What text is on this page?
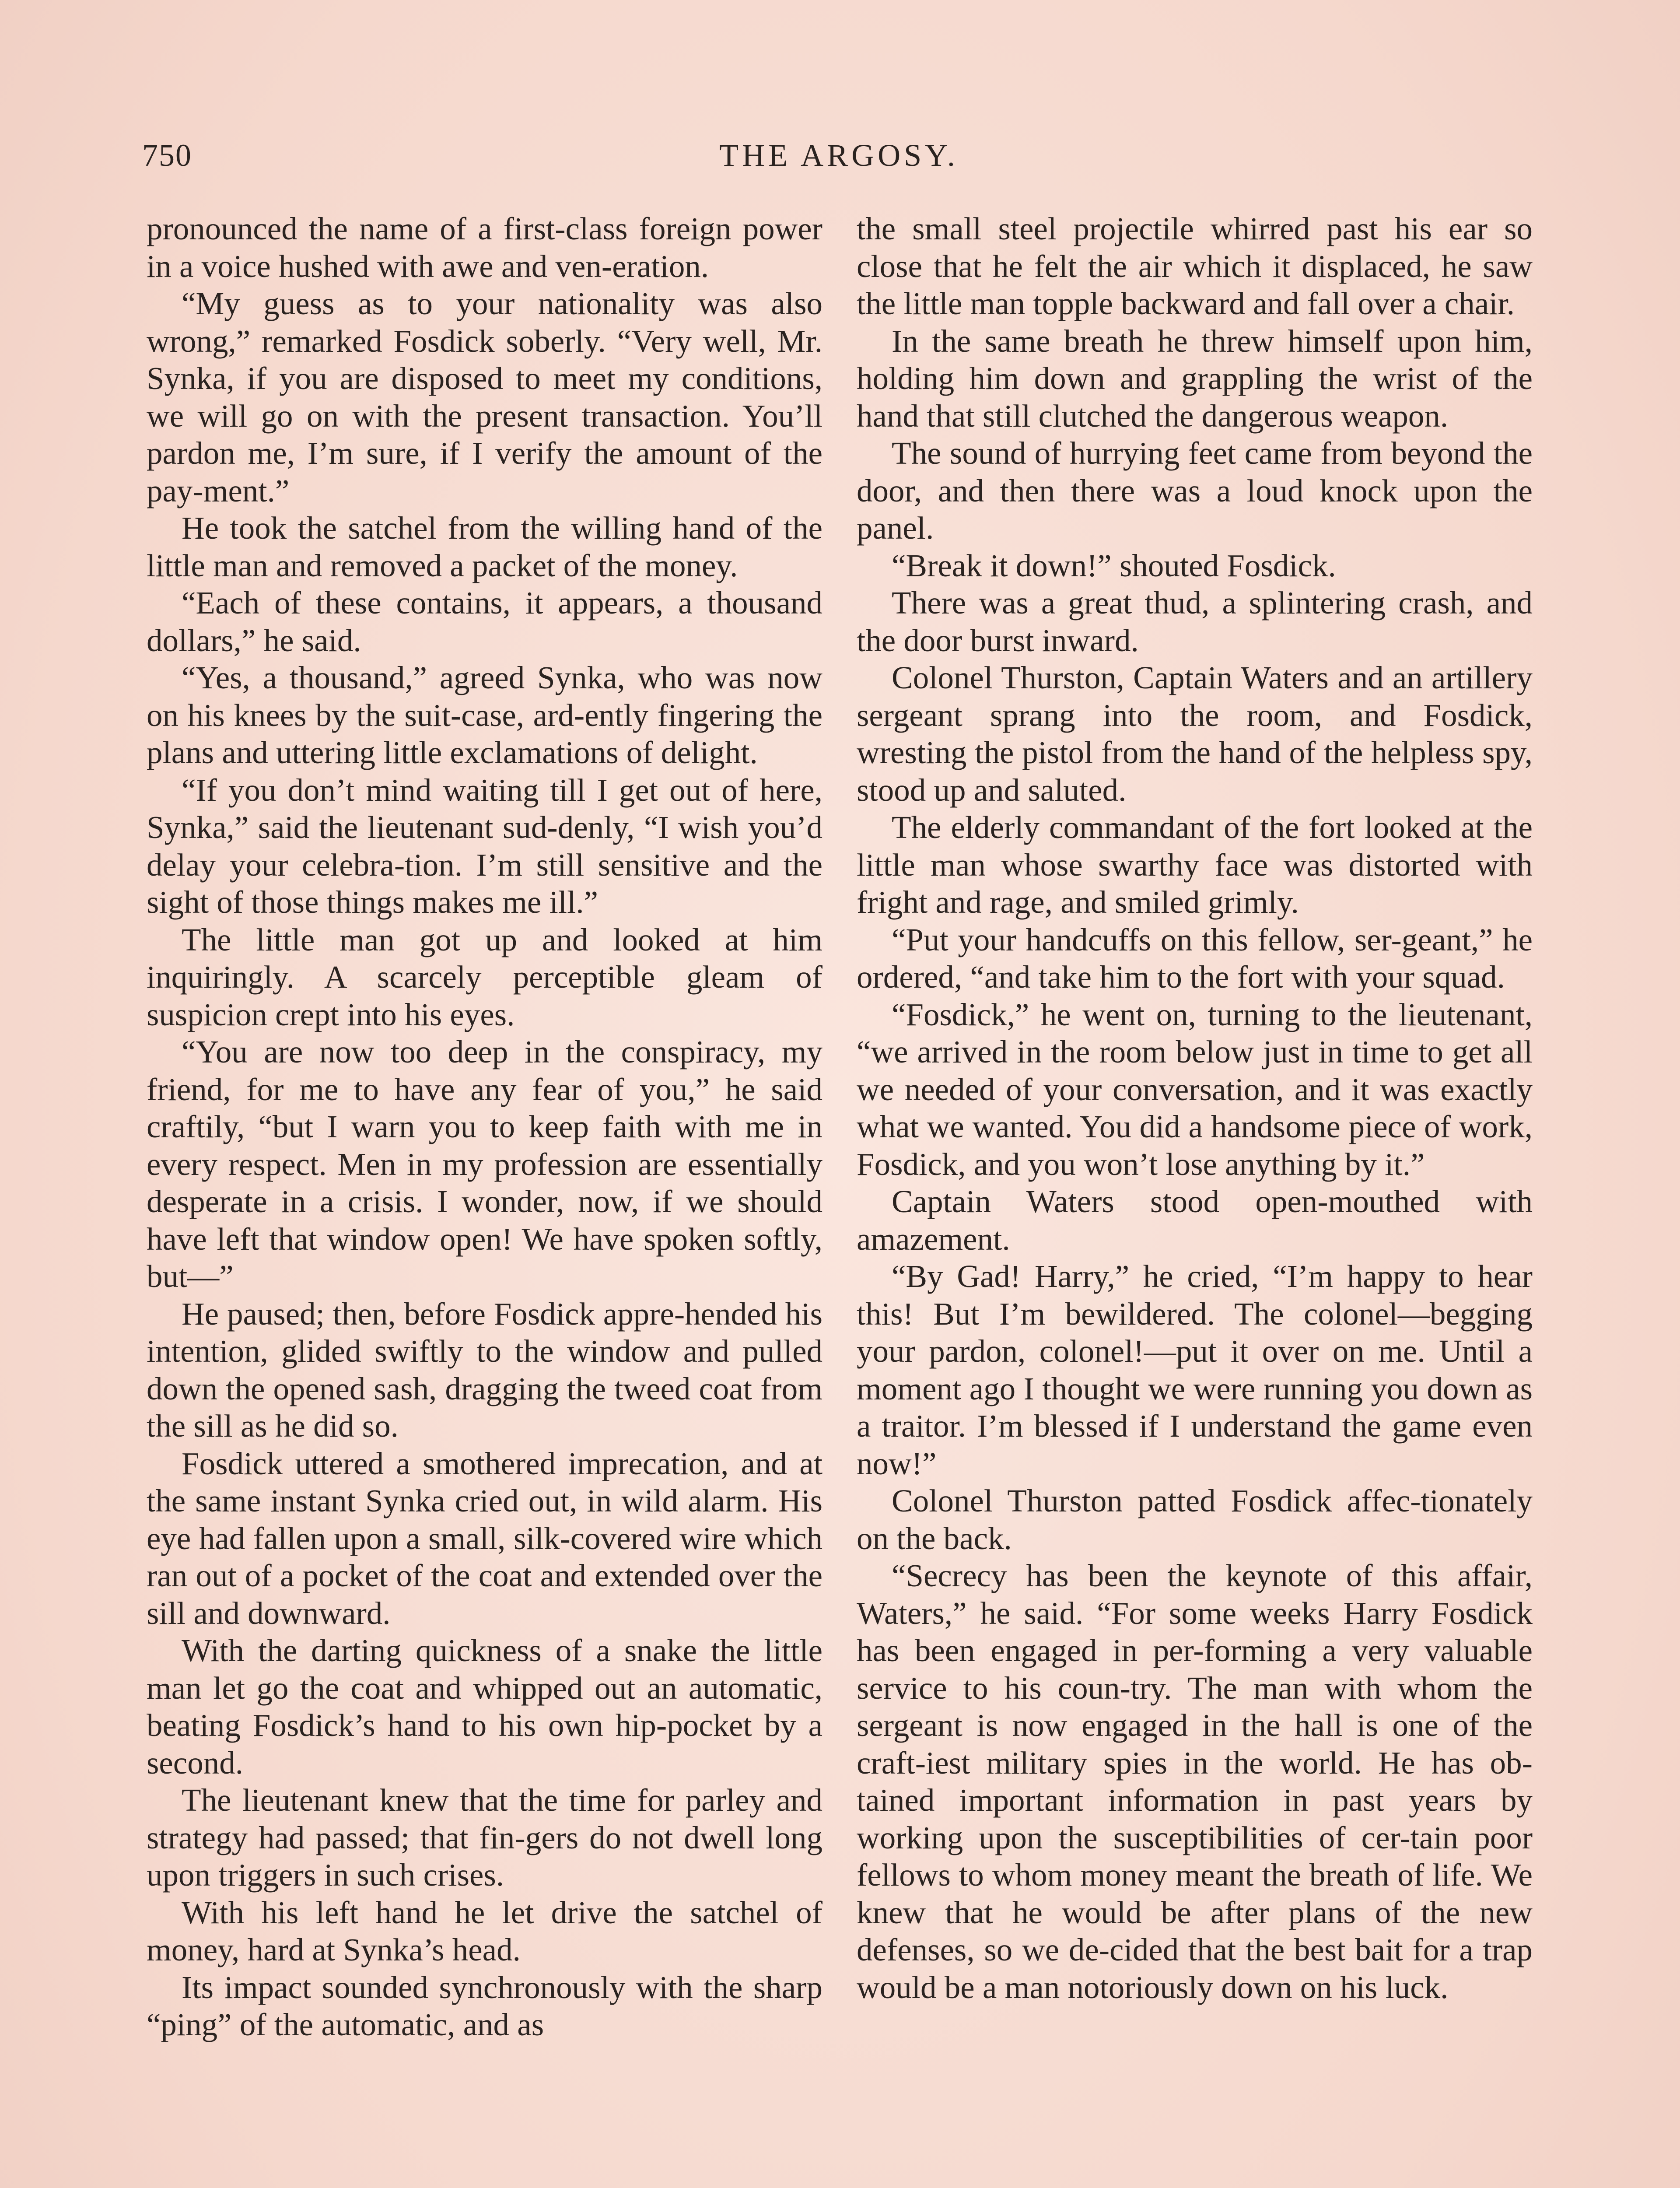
750	THE ARGOSY.

pronounced the name of a first-class foreign power in a voice hushed with awe and ven-eration.

“My guess as to your nationality was also wrong,” remarked Fosdick soberly. “Very well, Mr. Synka, if you are disposed to meet my conditions, we will go on with the present transaction. You’ll pardon me, I’m sure, if I verify the amount of the pay-ment.”

He took the satchel from the willing hand of the little man and removed a packet of the money.

“Each of these contains, it appears, a thousand dollars,” he said.

“Yes, a thousand,” agreed Synka, who was now on his knees by the suit-case, ard-ently fingering the plans and uttering little exclamations of delight.

“If you don’t mind waiting till I get out of here, Synka,” said the lieutenant sud-denly, “I wish you’d delay your celebra-tion. I’m still sensitive and the sight of those things makes me ill.”

The little man got up and looked at him inquiringly. A scarcely perceptible gleam of suspicion crept into his eyes.

“You are now too deep in the conspiracy, my friend, for me to have any fear of you,” he said craftily, “but I warn you to keep faith with me in every respect. Men in my profession are essentially desperate in a crisis. I wonder, now, if we should have left that window open! We have spoken softly, but—”

He paused; then, before Fosdick appre-hended his intention, glided swiftly to the window and pulled down the opened sash, dragging the tweed coat from the sill as he did so.

Fosdick uttered a smothered imprecation, and at the same instant Synka cried out, in wild alarm. His eye had fallen upon a small, silk-covered wire which ran out of a pocket of the coat and extended over the sill and downward.

With the darting quickness of a snake the little man let go the coat and whipped out an automatic, beating Fosdick’s hand to his own hip-pocket by a second.

The lieutenant knew that the time for parley and strategy had passed; that fin-gers do not dwell long upon triggers in such crises.

With his left hand he let drive the satchel of money, hard at Synka’s head.

Its impact sounded synchronously with the sharp “ping” of the automatic, and as

the small steel projectile whirred past his ear so close that he felt the air which it displaced, he saw the little man topple backward and fall over a chair.

In the same breath he threw himself upon him, holding him down and grappling the wrist of the hand that still clutched the dangerous weapon.

The sound of hurrying feet came from beyond the door, and then there was a loud knock upon the panel.

“Break it down!” shouted Fosdick.

There was a great thud, a splintering crash, and the door burst inward.

Colonel Thurston, Captain Waters and an artillery sergeant sprang into the room, and Fosdick, wresting the pistol from the hand of the helpless spy, stood up and saluted.

The elderly commandant of the fort looked at the little man whose swarthy face was distorted with fright and rage, and smiled grimly.

“Put your handcuffs on this fellow, ser-geant,” he ordered, “and take him to the fort with your squad.

“Fosdick,” he went on, turning to the lieutenant, “we arrived in the room below just in time to get all we needed of your conversation, and it was exactly what we wanted. You did a handsome piece of work, Fosdick, and you won’t lose anything by it.”

Captain Waters stood open-mouthed with amazement.

“By Gad! Harry,” he cried, “I’m happy to hear this! But I’m bewildered. The colonel—begging your pardon, colonel!—put it over on me. Until a moment ago I thought we were running you down as a traitor. I’m blessed if I understand the game even now!”

Colonel Thurston patted Fosdick affec-tionately on the back.

“Secrecy has been the keynote of this affair, Waters,” he said. “For some weeks Harry Fosdick has been engaged in per-forming a very valuable service to his coun-try. The man with whom the sergeant is now engaged in the hall is one of the craft-iest military spies in the world. He has ob-tained important information in past years by working upon the susceptibilities of cer-tain poor fellows to whom money meant the breath of life. We knew that he would be after plans of the new defenses, so we de-cided that the best bait for a trap would be a man notoriously down on his luck.
